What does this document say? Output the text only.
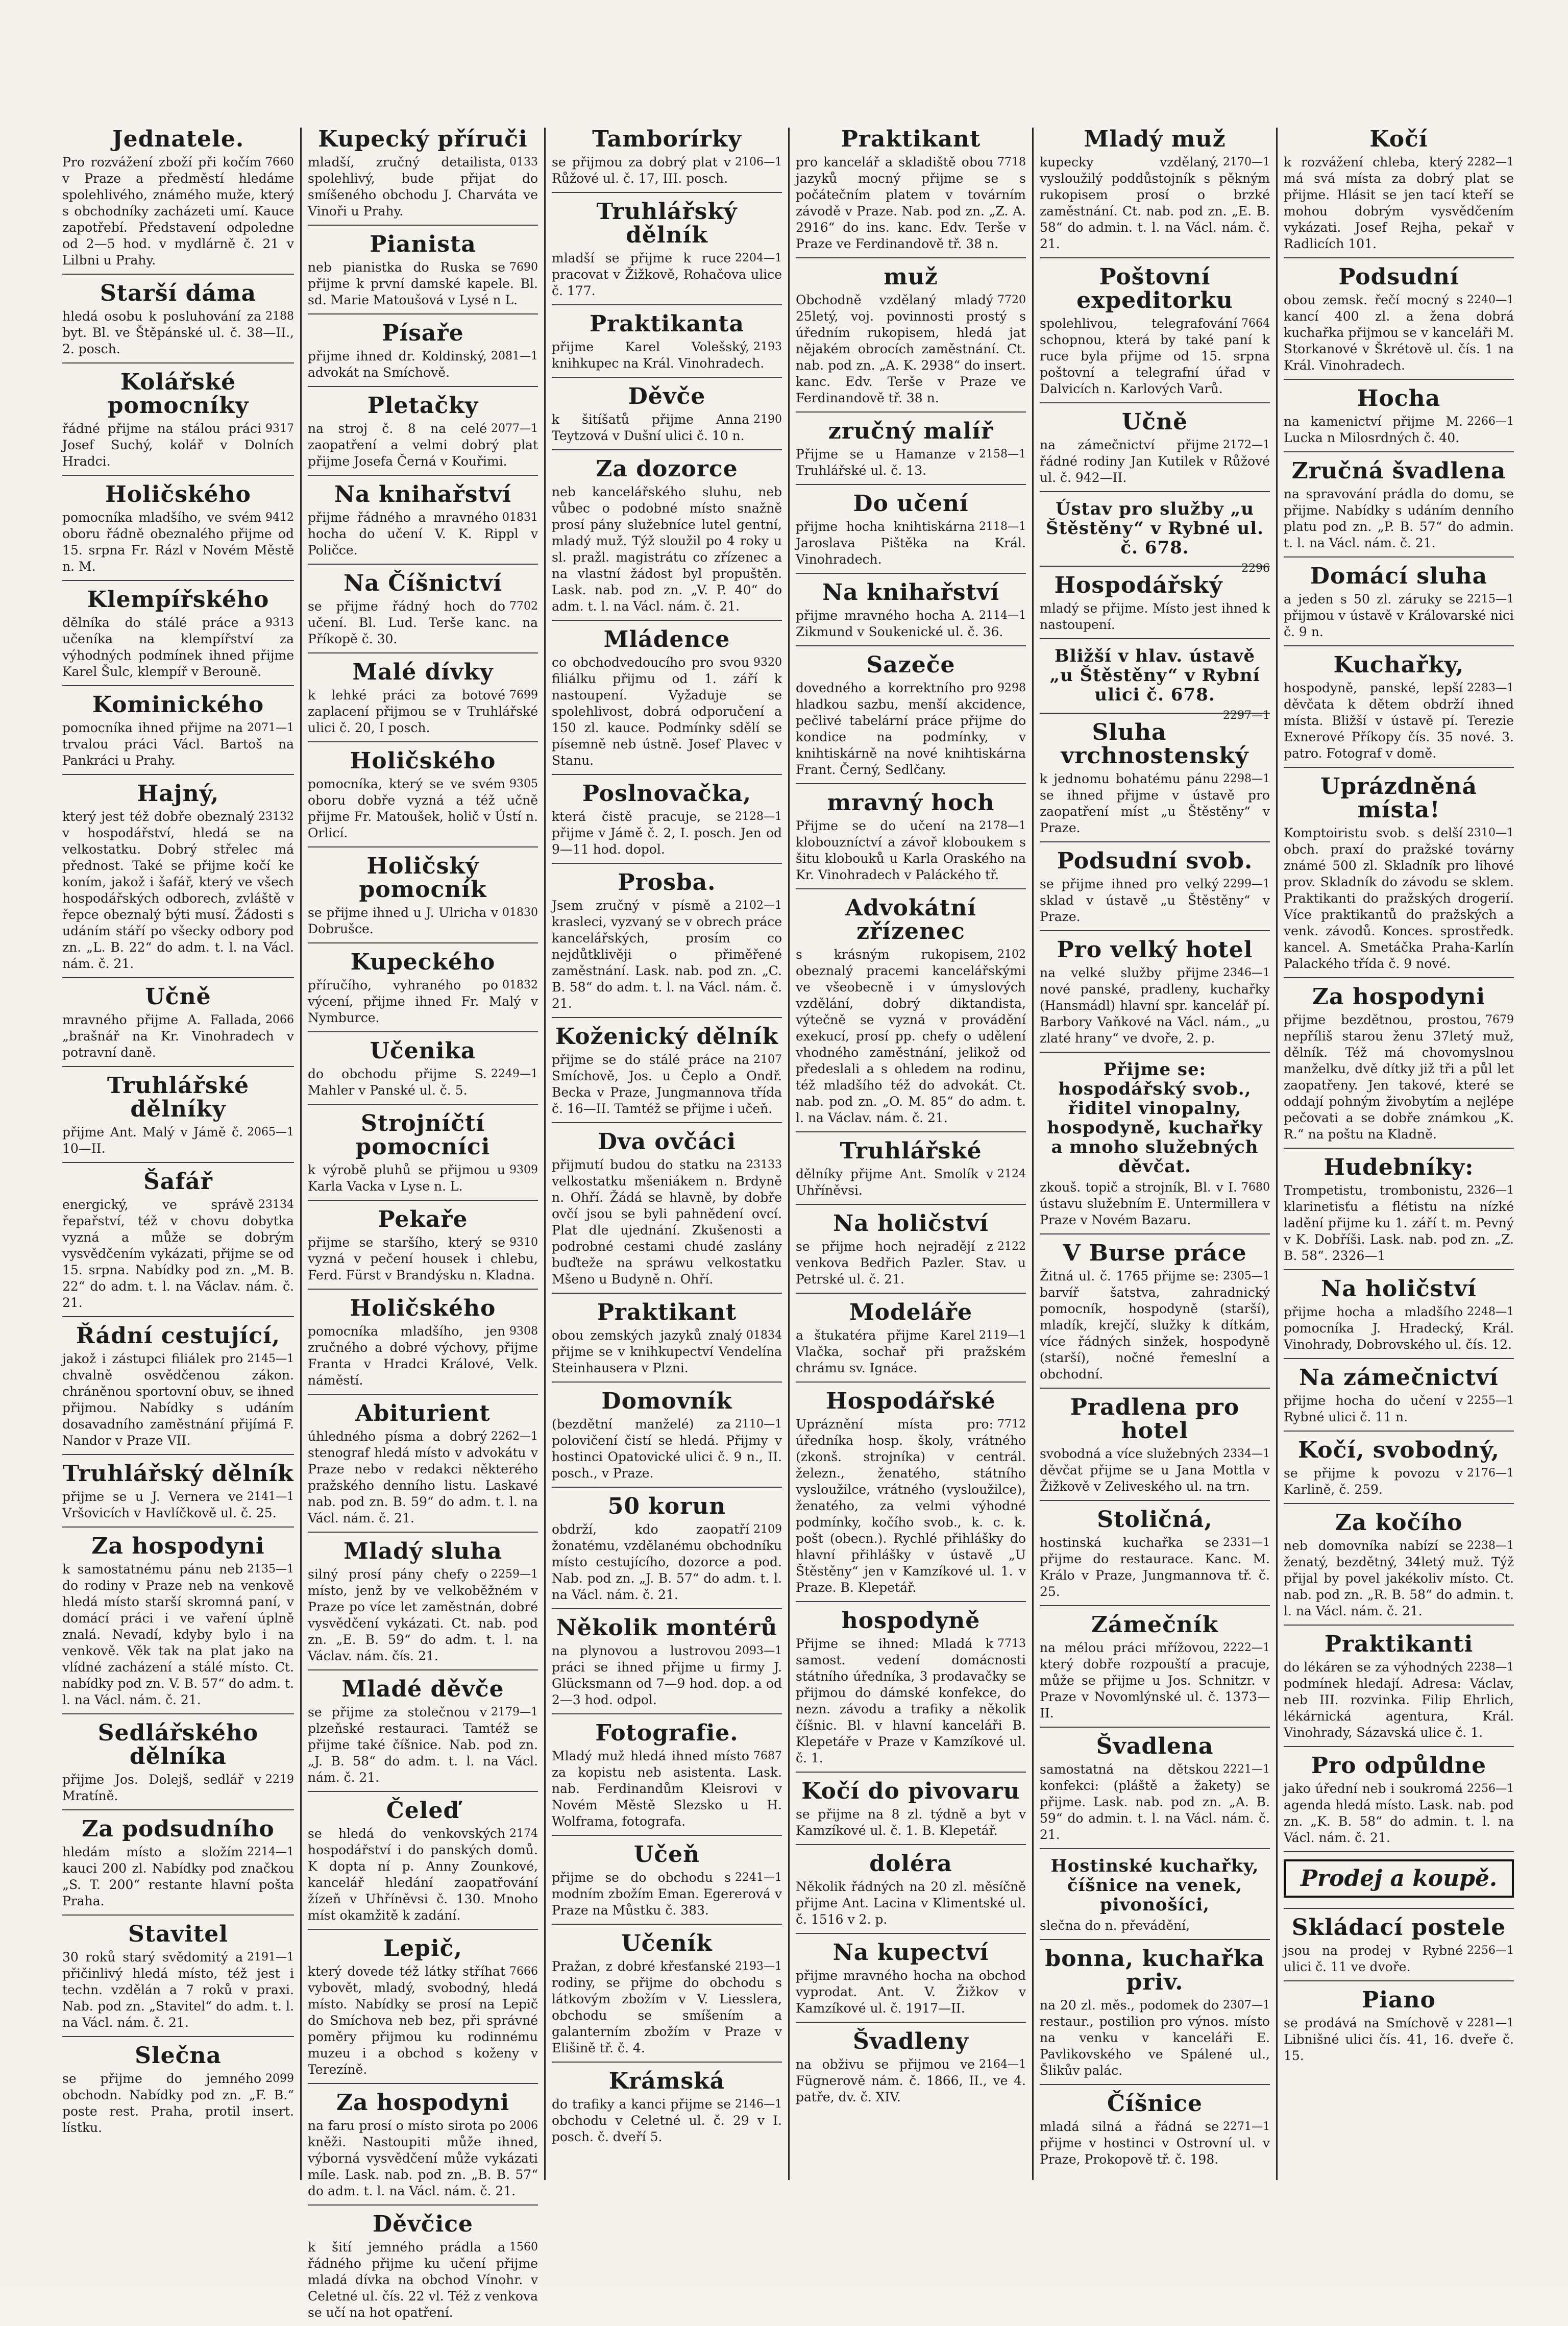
Jednatele.
7660
Pro rozvážení zboží při kočím v Praze a předměstí hledáme spolehlivého, známého muže, který s obchodníky zacházeti umí. Kauce zapotřebí. Představení odpoledne od 2—5 hod. v mydlárně č. 21 v Lilbni u Prahy.
Starší dáma
2188
hledá osobu k posluhování za byt. Bl. ve Štěpánské ul. č. 38—II., 2. posch.
Kolářské pomocníky
9317
řádné přijme na stálou práci Josef Suchý, kolář v Dolních Hradci.
Holičského
9412
pomocníka mladšího, ve svém oboru řádně obeznalého přijme od 15. srpna Fr. Rázl v Novém Městě n. M.
Klempířského
9313
dělníka do stálé práce a učeníka na klempířství za výhodných podmínek ihned přijme Karel Šulc, klempíř v Berouně.
Kominického
2071—1
pomocníka ihned přijme na trvalou práci Václ. Bartoš na Pankráci u Prahy.
Hajný,
23132
který jest též dobře obeznalý v hospodářství, hledá se na velkostatku. Dobrý střelec má přednost. Také se přijme kočí ke koním, jakož i šafář, který ve všech hospodářských odborech, zvláště v řepce obeznalý býti musí. Žádosti s udáním stáří po všecky odbory pod zn. „L. B. 22“ do adm. t. l. na Václ. nám. č. 21.
Učně
2066
mravného přijme A. Fallada, „brašnář na Kr. Vinohradech v potravní daně.
Truhlářské dělníky
2065—1
přijme Ant. Malý v Jámě č. 10—II.
Šafář
23134
energický, ve správě řepařství, též v chovu dobytka vyzná a může se dobrým vysvědčením vykázati, přijme se od 15. srpna. Nabídky pod zn. „M. B. 22“ do adm. t. l. na Václav. nám. č. 21.
Řádní cestující,
2145—1
jakož i zástupci filiálek pro chvalně osvědčenou zákon. chráněnou sportovní obuv, se ihned přijmou. Nabídky s udáním dosavadního zaměstnání přijímá F. Nandor v Praze VII.
Truhlářský dělník
2141—1
přijme se u J. Vernera ve Vršovicích v Havlíčkově ul. č. 25.
Za hospodyni
2135—1
k samostatnému pánu neb do rodiny v Praze neb na venkově hledá místo starší skromná paní, v domácí práci i ve vaření úplně znalá. Nevadí, kdyby bylo i na venkově. Věk tak na plat jako na vlídné zacházení a stálé místo. Ct. nabídky pod zn. V. B. 57“ do adm. t. l. na Václ. nám. č. 21.
Sedlářského dělníka
2219
přijme Jos. Dolejš, sedlář v Mratíně.
Za podsudního
2214—1
hledám místo a složím kauci 200 zl. Nabídky pod značkou „S. T. 200“ restante hlavní pošta Praha.
Stavitel
2191—1
30 roků starý svědomitý a přičinlivý hledá místo, též jest i techn. vzdělán a 7 roků v praxi. Nab. pod zn. „Stavitel“ do adm. t. l. na Václ. nám. č. 21.
Slečna
2099
se přijme do jemného obchodn. Nabídky pod zn. „F. B.“ poste rest. Praha, protil insert. lístku.
Kupecký příruči
0133
mladší, zručný detailista, spolehlivý, bude přijat do smíšeného obchodu J. Charváta ve Vinoři u Prahy.
Pianista
7690
neb pianistka do Ruska se přijme k první damské kapele. Bl. sd. Marie Matoušová v Lysé n L.
Písaře
2081—1
přijme ihned dr. Koldinský, advokát na Smíchově.
Pletačky
2077—1
na stroj č. 8 na celé zaopatření a velmi dobrý plat přijme Josefa Černá v Kouřimi.
Na knihařství
01831
přijme řádného a mravného hocha do učení V. K. Rippl v Poličce.
Na Číšnictví
7702
se přijme řádný hoch do učení. Bl. Lud. Terše kanc. na Příkopě č. 30.
Malé dívky
7699
k lehké práci za botové zaplacení přijmou se v Truhlářské ulici č. 20, I posch.
Holičského
9305
pomocníka, který se ve svém oboru dobře vyzná a též učně přijme Fr. Matoušek, holič v Ústí n. Orlicí.
Holičský pomocník
01830
se přijme ihned u J. Ulricha v Dobrušce.
Kupeckého
01832
příručího, vyhraného po výcení, přijme ihned Fr. Malý v Nymburce.
Učenika
2249—1
do obchodu přijme S. Mahler v Panské ul. č. 5.
Strojníčtí pomocníci
9309
k výrobě pluhů se přijmou u Karla Vacka v Lyse n. L.
Pekaře
9310
přijme se staršího, který se vyzná v pečení housek i chlebu, Ferd. Fürst v Brandýsku n. Kladna.
Holičského
9308
pomocníka mladšího, jen zručného a dobré výchovy, přijme Franta v Hradci Králové, Velk. náměstí.
Abiturient
2262—1
úhledného písma a dobrý stenograf hledá místo v advokátu v Praze nebo v redakci některého pražského denního listu. Laskavé nab. pod zn. B. 59“ do adm. t. l. na Václ. nám. č. 21.
Mladý sluha
2259—1
silný prosí pány chefy o místo, jenž by ve velkoběžném v Praze po více let zaměstnán, dobré vysvědčení vykázati. Ct. nab. pod zn. „E. B. 59“ do adm. t. l. na Václav. nám. čís. 21.
Mladé děvče
2179—1
se přijme za stolečnou v plzeňské restauraci. Tamtéž se přijme také číšnice. Nab. pod zn. „J. B. 58“ do adm. t. l. na Václ. nám. č. 21.
Čeleď
2174
se hledá do venkovských hospodářství i do panských domů. K dopta ní p. Anny Zounkové, kancelář hledání zaopatřování žízeň v Uhříněvsi č. 130. Mnoho míst okamžitě k zadání.
Lepič,
7666
který dovede též látky stříhat vybovět, mladý, svobodný, hledá místo. Nabídky se prosí na Lepič do Smíchova neb bez, při správné poměry přijmou ku rodinnému muzeu i a obchod s koženy v Terezíně.
Za hospodyni
2006
na faru prosí o místo sirota po kněži. Nastoupiti může ihned, výborná vysvědčení může vykázati míle. Lask. nab. pod zn. „B. B. 57“ do adm. t. l. na Václ. nám. č. 21.
Děvčice
1560
k šití jemného prádla a řádného přijme ku učení přijme mladá dívka na obchod Vínohr. v Celetné ul. čís. 22 vl. Též z venkova se učí na hot opatření.
Tamborírky
2106—1
se přijmou za dobrý plat v Růžové ul. č. 17, III. posch.
Truhlářský dělník
2204—1
mladší se přijme k ruce pracovat v Žižkově, Rohačova ulice č. 177.
Praktikanta
2193
přijme Karel Volešský, knihkupec na Král. Vinohradech.
Děvče
2190
k šitíšatů přijme Anna Teytzová v Dušní ulici č. 10 n.
Za dozorce
neb kancelářského sluhu, neb vůbec o podobné místo snažně prosí pány služebníce lutel gentní, mladý muž. Týž sloužil po 4 roky u sl. pražl. magistrátu co zřízenec a na vlastní žádost byl propuštěn. Lask. nab. pod zn. „V. P. 40“ do adm. t. l. na Václ. nám. č. 21.
Mládence
9320
co obchodvedoucího pro svou filiálku přijmu od 1. září k nastoupení. Vyžaduje se spolehlivost, dobrá odporučení a 150 zl. kauce. Podmínky sdělí se písemně neb ústně. Josef Plavec v Stanu.
Poslnovačka,
2128—1
která čistě pracuje, se přijme v Jámě č. 2, I. posch. Jen od 9—11 hod. dopol.
Prosba.
2102—1
Jsem zručný v písmě a krasleci, vyzvaný se v obrech práce kancelářských, prosím co nejdůtklivěji o přiměřené zaměstnání. Lask. nab. pod zn. „C. B. 58“ do adm. t. l. na Václ. nám. č. 21.
Koženický dělník
2107
přijme se do stálé práce na Smíchově, Jos. u Čeplo a Ondř. Becka v Praze, Jungmannova třída č. 16—II. Tamtéž se přijme i učeň.
Dva ovčáci
23133
přijmutí budou do statku na velkostatku mšeniákem n. Brdyně n. Ohří. Žádá se hlavně, by dobře ovčí jsou se byli pahnědení ovcí. Plat dle ujednání. Zkušenosti a podrobné cestami chudé zaslány buďteže na spráwu velkostatku Mšeno u Budyně n. Ohří.
Praktikant
01834
obou zemských jazyků znalý přijme se v knihkupectví Vendelína Steinhausera v Plzni.
Domovník
2110—1
(bezdětní manželé) za polovičení čistí se hledá. Přijmy v hostinci Opatovické ulici č. 9 n., II. posch., v Praze.
50 korun
2109
obdrží, kdo zaopatří žonatému, vzdělanému obchodníku místo cestujícího, dozorce a pod. Nab. pod zn. „J. B. 57“ do adm. t. l. na Václ. nám. č. 21.
Několik montérů
2093—1
na plynovou a lustrovou práci se ihned přijme u firmy J. Glücksmann od 7—9 hod. dop. a od 2—3 hod. odpol.
Fotografie.
7687
Mladý muž hledá ihned místo za kopistu neb asistenta. Lask. nab. Ferdinandům Kleisrovi v Novém Městě Slezsko u H. Wolframa, fotografa.
Učeň
2241—1
přijme se do obchodu s modním zbožím Eman. Egererová v Praze na Můstku č. 383.
Učeník
2193—1
Pražan, z dobré křesťanské rodiny, se přijme do obchodu s látkovým zbožím v V. Liesslera, obchodu se smíšením a galanterním zbožím v Praze v Elišině tř. č. 4.
Krámská
2146—1
do trafiky a kanci přijme se obchodu v Celetné ul. č. 29 v I. posch. č. dveří 5.
Praktikant
7718
pro kancelář a skladiště obou jazyků mocný přijme se s počátečním platem v továrním závodě v Praze. Nab. pod zn. „Z. A. 2916“ do ins. kanc. Edv. Terše v Praze ve Ferdinandově tř. 38 n.
muž
7720
Obchodně vzdělaný mladý 25letý, voj. povinnosti prostý s úředním rukopisem, hledá jat nějakém obrocích zaměstnání. Ct. nab. pod zn. „A. K. 2938“ do insert. kanc. Edv. Terše v Praze ve Ferdinandově tř. 38 n.
zručný malíř
2158—1
Přijme se u Hamanze v Truhlářské ul. č. 13.
Do učení
2118—1
přijme hocha knihtiskárna Jaroslava Pištěka na Král. Vinohradech.
Na knihařství
2114—1
přijme mravného hocha A. Zikmund v Soukenické ul. č. 36.
Sazeče
9298
dovedného a korrektního pro hladkou sazbu, menší akcidence, pečlivé tabelární práce přijme do kondice na podmínky, v knihtiskárně na nové knihtiskárna Frant. Černý, Sedlčany.
mravný hoch
2178—1
Přijme se do učení na klobouzníctví a závoř kloboukem s šitu klobouků u Karla Oraského na Kr. Vinohradech v Paláckého tř.
Advokátní zřízenec
2102
s krásným rukopisem, obeznalý pracemi kancelářskými ve všeobecně i v úmyslových vzdělání, dobrý diktandista, výtečně se vyzná v provádění exekucí, prosí pp. chefy o udělení vhodného zaměstnání, jelikož od předeslali a s ohledem na rodinu, též mladšího též do advokát. Ct. nab. pod zn. „O. M. 85“ do adm. t. l. na Václav. nám. č. 21.
Truhlářské
2124
dělníky přijme Ant. Smolík v Uhříněvsi.
Na holičství
2122
se přijme hoch nejradějí z venkova Bedřich Pazler. Stav. u Petrské ul. č. 21.
Modeláře
2119—1
a štukatéra přijme Karel Vlačka, sochař při pražském chrámu sv. Ignáce.
Hospodářské
7712
Upráznění místa pro: úředníka hosp. školy, vrátného (zkonš. strojníka) v centrál. železn., ženatého, státního vysloužilce, vrátného (vysloužilce), ženatého, za velmi výhodné podmínky, kočího svob., k. c. k. pošt (obecn.). Rychlé přihlášky do hlavní přihlášky v ústavě „U Štěstěny“ jen v Kamzíkové ul. 1. v Praze. B. Klepetář.
hospodyně
7713
Přijme se ihned: Mladá k samost. vedení domácnosti státního úředníka, 3 prodavačky se přijmou do dámské konfekce, do nezn. závodu a trafiky a několik číšnic. Bl. v hlavní kanceláři B. Klepetáře v Praze v Kamzíkové ul. č. 1.
Kočí do pivovaru
se přijme na 8 zl. týdně a byt v Kamzíkové ul. č. 1. B. Klepetář.
doléra
Několik řádných na 20 zl. měsíčně přijme Ant. Lacina v Klimentské ul. č. 1516 v 2. p.
Na kupectví
přijme mravného hocha na obchod vyprodat. Ant. V. Žižkov v Kamzíkové ul. č. 1917—II.
Švadleny
2164—1
na obživu se přijmou ve Fügnerově nám. č. 1866, II., ve 4. patře, dv. č. XIV.
Mladý muž
2170—1
kupecky vzdělaný, vysloužilý poddůstojník s pěkným rukopisem prosí o brzké zaměstnání. Ct. nab. pod zn. „E. B. 58“ do admin. t. l. na Václ. nám. č. 21.
Poštovní expeditorku
7664
spolehlivou, telegrafování schopnou, která by také paní k ruce byla přijme od 15. srpna poštovní a telegrafní úřad v Dalvicích n. Karlových Varů.
Učně
2172—1
na zámečnictví přijme řádné rodiny Jan Kutilek v Růžové ul. č. 942—II.
Ústav pro služby „u Štěstěny“ v Rybné ul. č. 678.
2296
Hospodářský
mladý se přijme. Místo jest ihned k nastoupení.
Bližší v hlav. ústavě „u Štěstěny“ v Rybní ulici č. 678.
2297—1
Sluha vrchnostenský
2298—1
k jednomu bohatému pánu se ihned přijme v ústavě pro zaopatření míst „u Štěstěny“ v Praze.
Podsudní svob.
2299—1
se přijme ihned pro velký sklad v ústavě „u Štěstěny“ v Praze.
Pro velký hotel
2346—1
na velké služby přijme nové panské, pradleny, kuchařky (Hansmádl) hlavní spr. kancelář pí. Barbory Vaňkové na Václ. nám., „u zlaté hrany“ ve dvoře, 2. p.
Přijme se: hospodářský svob., řiditel vinopalny, hospodyně, kuchařky a mnoho služebných děvčat.
7680
zkouš. topič a strojník, Bl. v I. ústavu služebním E. Untermillera v Praze v Novém Bazaru.
V Burse práce
2305—1
Žitná ul. č. 1765 přijme se: barvíř šatstva, zahradnický pomocník, hospodyně (starší), mladík, krejčí, služky k dítkám, více řádných sinžek, hospodyně (starší), nočné řemeslní a obchodní.
Pradlena pro hotel
2334—1
svobodná a více služebných děvčat přijme se u Jana Mottla v Žižkově v Zeliveského ul. na trn.
Stoličná,
2331—1
hostinská kuchařka se přijme do restaurace. Kanc. M. Králo v Praze, Jungmannova tř. č. 25.
Zámečník
2222—1
na mélou práci mřížovou, který dobře rozpouští a pracuje, může se přijme u Jos. Schnitzr. v Praze v Novomlýnské ul. č. 1373—II.
Švadlena
2221—1
samostatná na dětskou konfekci: (pláště a žakety) se přijme. Lask. nab. pod zn. „A. B. 59“ do admin. t. l. na Václ. nám. č. 21.
Hostinské kuchařky, číšnice na venek, pivonošíci,
slečna do n. převádění,
bonna, kuchařka priv.
2307—1
na 20 zl. měs., podomek do restaur., postilion pro výnos. místo na venku v kanceláři E. Pavlikovského ve Spálené ul., Šlikův palác.
Číšnice
2271—1
mladá silná a řádná se přijme v hostinci v Ostrovní ul. v Praze, Prokopově tř. č. 198.
Kočí
2282—1
k rozvážení chleba, který má svá místa za dobrý plat se přijme. Hlásit se jen tací kteří se mohou dobrým vysvědčením vykázati. Josef Rejha, pekař v Radlicích 101.
Podsudní
2240—1
obou zemsk. řečí mocný s kancí 400 zl. a žena dobrá kuchařka přijmou se v kanceláři M. Storkanové v Škrétově ul. čís. 1 na Král. Vinohradech.
Hocha
2266—1
na kamenictví přijme M. Lucka n Milosrdných č. 40.
Zručná švadlena
na spravování prádla do domu, se přijme. Nabídky s udáním denního platu pod zn. „P. B. 57“ do admin. t. l. na Václ. nám. č. 21.
Domácí sluha
2215—1
a jeden s 50 zl. záruky se přijmou v ústavě v Královarské nici č. 9 n.
Kuchařky,
2283—1
hospodyně, panské, lepší děvčata k dětem obdrží ihned místa. Bližší v ústavě pí. Terezie Exnerové Příkopy čís. 35 nové. 3. patro. Fotograf v domě.
Uprázdněná místa!
2310—1
Komptoiristu svob. s delší obch. praxí do pražské továrny známé 500 zl. Skladník pro lihové prov. Skladník do závodu se sklem. Praktikanti do pražských drogerií. Více praktikantů do pražských a venk. závodů. Konces. sprostředk. kancel. A. Smetáčka Praha-Karlín Palackého třída č. 9 nové.
Za hospodyni
7679
přijme bezdětnou, prostou, nepříliš starou ženu 37letý muž, dělník. Též má chovomyslnou manželku, dvě dítky již tři a půl let zaopatřeny. Jen takové, které se oddají pohným živobytím a nejlépe pečovati a se dobře známkou „K. R.“ na poštu na Kladně.
Hudebníky:
2326—1
Trompetistu, trombonistu, klarinetisťu a flétistu na nízké ladění přijme ku 1. září t. m. Pevný v K. Dobříši. Lask. nab. pod zn. „Z. B. 58“. 2326—1
Na holičství
2248—1
přijme hocha a mladšího pomocníka J. Hradecký, Král. Vinohrady, Dobrovského ul. čís. 12.
Na zámečnictví
2255—1
přijme hocha do učení v Rybné ulici č. 11 n.
Kočí, svobodný,
2176—1
se přijme k povozu v Karlině, č. 259.
Za kočího
2238—1
neb domovníka nabízí se ženatý, bezdětný, 34letý muž. Týž přijal by povel jakékoliv místo. Ct. nab. pod zn. „R. B. 58“ do admin. t. l. na Václ. nám. č. 21.
Praktikanti
2238—1
do lékáren se za výhodných podmínek hledají. Adresa: Václav, neb III. rozvinka. Filip Ehrlich, lékárnická agentura, Král. Vinohrady, Sázavská ulice č. 1.
Pro odpůldne
2256—1
jako úřední neb i soukromá agenda hledá místo. Lask. nab. pod zn. „K. B. 58“ do admin. t. l. na Václ. nám. č. 21.
Prodej a koupě.
Skládací postele
2256—1
jsou na prodej v Rybné ulici č. 11 ve dvoře.
Piano
2281—1
se prodává na Smíchově v Libnišné ulici čís. 41, 16. dveře č. 15.
